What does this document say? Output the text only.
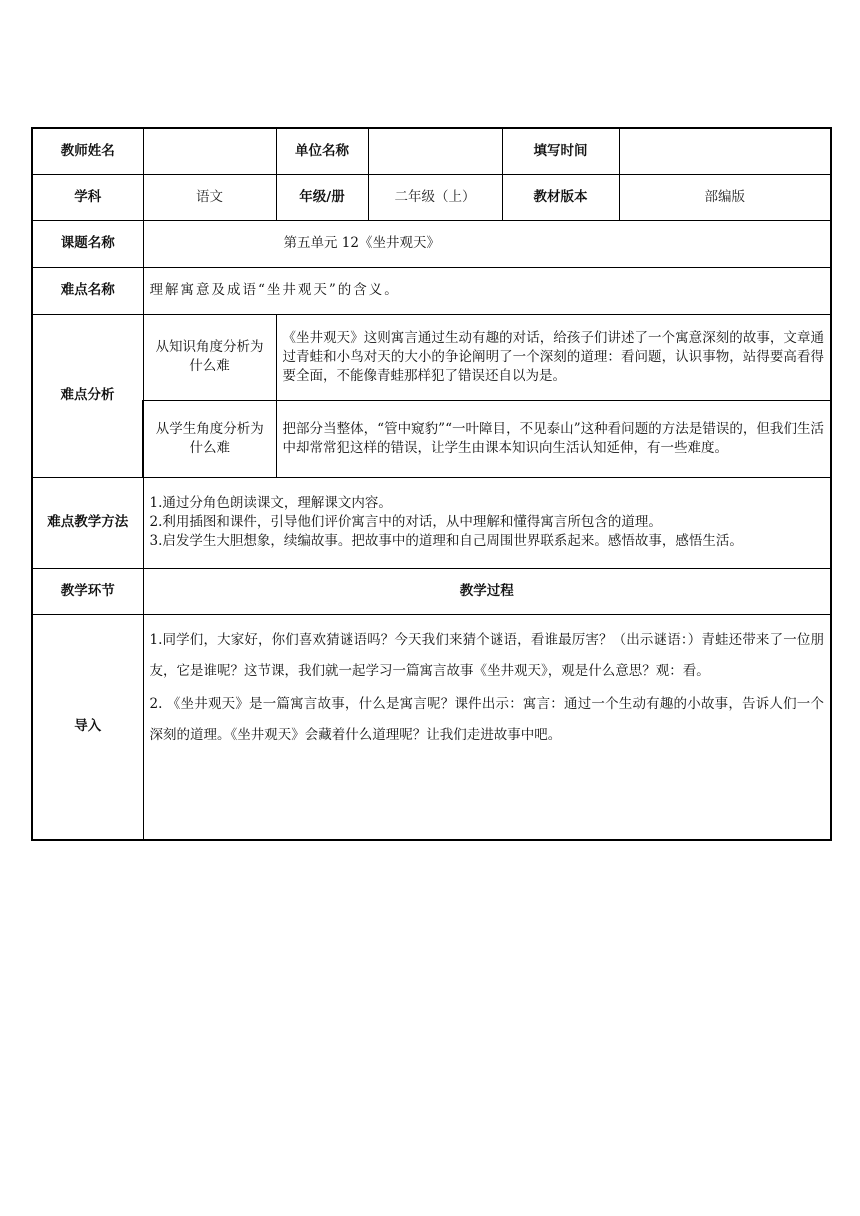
教师姓名		单位名称		填写时间	
学科	语文	年级/册	二年级（上）	教材版本	部编版
课题名称	第五单元 12《坐井观天》				
难点名称	理解寓意及成语“坐井观天”的含义。				
难点分析	从知识角度分析为什么难	《坐井观天》这则寓言通过生动有趣的对话，给孩子们讲述了一个寓意深刻的故事，文章通过青蛙和小鸟对天的大小的争论阐明了一个深刻的道理：看问题，认识事物，站得要高看得要全面，不能像青蛙那样犯了错误还自以为是。			
	从学生角度分析为什么难	把部分当整体，“管中窥豹”“一叶障目，不见泰山”这种看问题的方法是错误的，但我们生活中却常常犯这样的错误，让学生由课本知识向生活认知延伸，有一些难度。			
难点教学方法	1.通过分角色朗读课文，理解课文内容。
2.利用插图和课件，引导他们评价寓言中的对话，从中理解和懂得寓言所包含的道理。
3.启发学生大胆想象，续编故事。把故事中的道理和自己周围世界联系起来。感悟故事，感悟生活。				

教学环节	教学过程				
导入	1.同学们，大家好，你们喜欢猜谜语吗？今天我们来猜个谜语，看谁最厉害？（出示谜语：）青蛙还带来了一位朋友，它是谁呢？这节课，我们就一起学习一篇寓言故事《坐井观天》，观是什么意思？观：看。
2. 《坐井观天》是一篇寓言故事，什么是寓言呢？课件出示：寓言：通过一个生动有趣的小故事，告诉人们一个深刻的道理。《坐井观天》会藏着什么道理呢？让我们走进故事中吧。				
